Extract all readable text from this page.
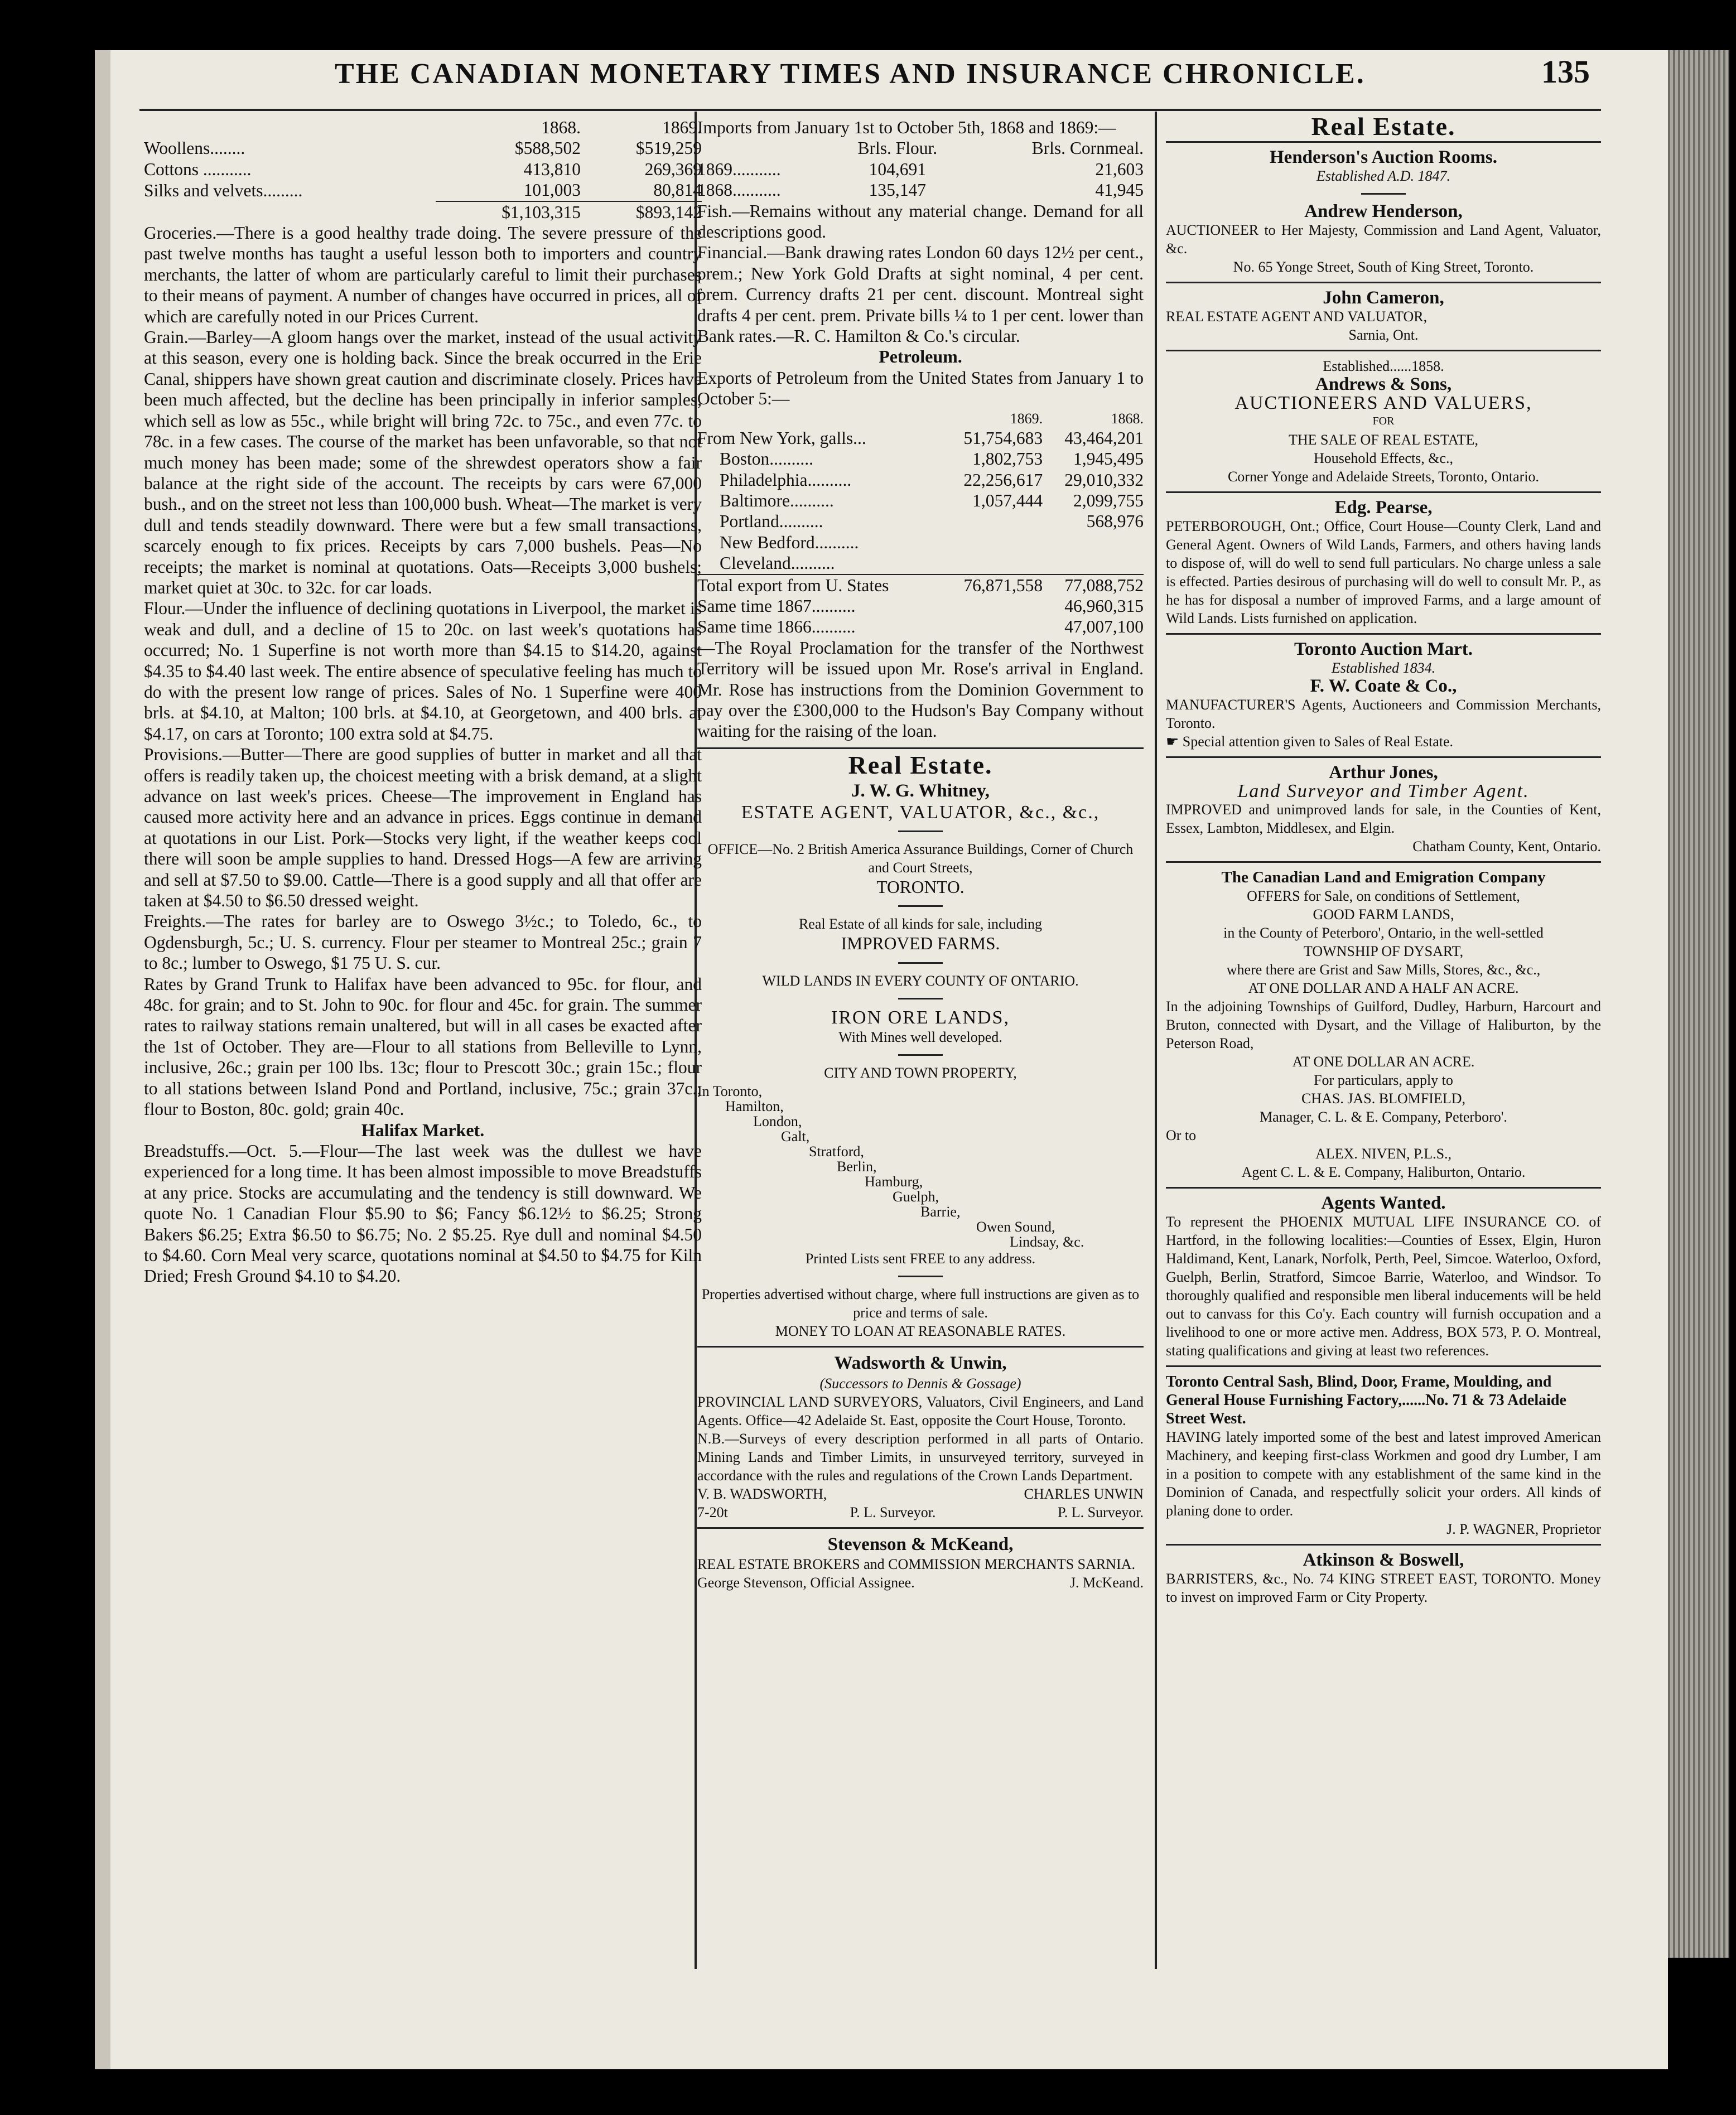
THE CANADIAN MONETARY TIMES AND INSURANCE CHRONICLE.	135
	1868.	1869.
Woollens........	$588,502	$519,259
Cottons ...........	413,810	269,369
Silks and velvets.........	101,003	80,814
	$1,103,315	$893,142

Groceries.—There is a good healthy trade doing. The severe pressure of the past twelve months has taught a useful lesson both to importers and country merchants, the latter of whom are particularly careful to limit their purchases to their means of payment. A number of changes have occurred in prices, all of which are carefully noted in our Prices Current.

Grain.—Barley—A gloom hangs over the market, instead of the usual activity at this season, every one is holding back. Since the break occurred in the Erie Canal, shippers have shown great caution and discriminate closely. Prices have been much affected, but the decline has been principally in inferior samples, which sell as low as 55c., while bright will bring 72c. to 75c., and even 77c. to 78c. in a few cases. The course of the market has been unfavorable, so that not much money has been made; some of the shrewdest operators show a fair balance at the right side of the account. The receipts by cars were 67,000 bush., and on the street not less than 100,000 bush. Wheat—The market is very dull and tends steadily downward. There were but a few small transactions, scarcely enough to fix prices. Receipts by cars 7,000 bushels. Peas—No receipts; the market is nominal at quotations. Oats—Receipts 3,000 bushels; market quiet at 30c. to 32c. for car loads.

Flour.—Under the influence of declining quotations in Liverpool, the market is weak and dull, and a decline of 15 to 20c. on last week's quotations has occurred; No. 1 Superfine is not worth more than $4.15 to $14.20, against $4.35 to $4.40 last week. The entire absence of speculative feeling has much to do with the present low range of prices. Sales of No. 1 Superfine were 400 brls. at $4.10, at Malton; 100 brls. at $4.10, at Georgetown, and 400 brls. at $4.17, on cars at Toronto; 100 extra sold at $4.75.

Provisions.—Butter—There are good supplies of butter in market and all that offers is readily taken up, the choicest meeting with a brisk demand, at a slight advance on last week's prices. Cheese—The improvement in England has caused more activity here and an advance in prices. Eggs continue in demand at quotations in our List. Pork—Stocks very light, if the weather keeps cool there will soon be ample supplies to hand. Dressed Hogs—A few are arriving and sell at $7.50 to $9.00. Cattle—There is a good supply and all that offer are taken at $4.50 to $6.50 dressed weight.

Freights.—The rates for barley are to Oswego 3½c.; to Toledo, 6c., to Ogdensburgh, 5c.; U. S. currency. Flour per steamer to Montreal 25c.; grain 7 to 8c.; lumber to Oswego, $1 75 U. S. cur.

Rates by Grand Trunk to Halifax have been advanced to 95c. for flour, and 48c. for grain; and to St. John to 90c. for flour and 45c. for grain. The summer rates to railway stations remain unaltered, but will in all cases be exacted after the 1st of October. They are—Flour to all stations from Belleville to Lynn, inclusive, 26c.; grain per 100 lbs. 13c; flour to Prescott 30c.; grain 15c.; flour to all stations between Island Pond and Portland, inclusive, 75c.; grain 37c.; flour to Boston, 80c. gold; grain 40c.

Halifax Market.

Breadstuffs.—Oct. 5.—Flour—The last week was the dullest we have experienced for a long time. It has been almost impossible to move Breadstuffs at any price. Stocks are accumulating and the tendency is still downward. We quote No. 1 Canadian Flour $5.90 to $6; Fancy $6.12½ to $6.25; Strong Bakers $6.25; Extra $6.50 to $6.75; No. 2 $5.25. Rye dull and nominal $4.50 to $4.60. Corn Meal very scarce, quotations nominal at $4.50 to $4.75 for Kiln Dried; Fresh Ground $4.10 to $4.20.

Imports from January 1st to October 5th, 1868 and 1869:—

	Brls. Flour.	Brls. Cornmeal.
1869...........	104,691	21,603
1868...........	135,147	41,945

Fish.—Remains without any material change. Demand for all descriptions good.

Financial.—Bank drawing rates London 60 days 12½ per cent., prem.; New York Gold Drafts at sight nominal, 4 per cent. prem. Currency drafts 21 per cent. discount. Montreal sight drafts 4 per cent. prem. Private bills ¼ to 1 per cent. lower than Bank rates.—R. C. Hamilton & Co.'s circular.

Petroleum.

Exports of Petroleum from the United States from January 1 to October 5:—

	1869.	1868.
From New York, galls...	51,754,683	43,464,201
Boston..........	1,802,753	1,945,495
Philadelphia..........	22,256,617	29,010,332
Baltimore..........	1,057,444	2,099,755
Portland..........		568,976
New Bedford..........		
Cleveland..........		
Total export from U. States	76,871,558	77,088,752
Same time 1867..........		46,960,315
Same time 1866..........		47,007,100

—The Royal Proclamation for the transfer of the Northwest Territory will be issued upon Mr. Rose's arrival in England. Mr. Rose has instructions from the Dominion Government to pay over the £300,000 to the Hudson's Bay Company without waiting for the raising of the loan.

Real Estate.
J. W. G. Whitney,
ESTATE AGENT, VALUATOR, &c., &c.,
OFFICE—No. 2 British America Assurance Buildings, Corner of Church and Court Streets,
TORONTO.
Real Estate of all kinds for sale, including
IMPROVED FARMS.
WILD LANDS IN EVERY COUNTY OF ONTARIO.
IRON ORE LANDS,
With Mines well developed.
CITY AND TOWN PROPERTY,
In Toronto,
Hamilton,
London,
Galt,
Stratford,
Berlin,
Hamburg,
Guelph,
Barrie,
Owen Sound,
Lindsay, &c.
Printed Lists sent FREE to any address.
Properties advertised without charge, where full instructions are given as to price and terms of sale.
MONEY TO LOAN AT REASONABLE RATES.
Wadsworth & Unwin,
(Successors to Dennis & Gossage)

PROVINCIAL LAND SURVEYORS, Valuators, Civil Engineers, and Land Agents. Office—42 Adelaide St. East, opposite the Court House, Toronto.

N.B.—Surveys of every description performed in all parts of Ontario. Mining Lands and Timber Limits, in unsurveyed territory, surveyed in accordance with the rules and regulations of the Crown Lands Department.

V. B. WADSWORTH,	CHARLES UNWIN
7-20t	P. L. Surveyor.	P. L. Surveyor.
Stevenson & McKeand,

REAL ESTATE BROKERS and COMMISSION MERCHANTS SARNIA.

George Stevenson, Official Assignee.	J. McKeand.
Real Estate.
Henderson's Auction Rooms.
Established A.D. 1847.
Andrew Henderson,

AUCTIONEER to Her Majesty, Commission and Land Agent, Valuator, &c.

No. 65 Yonge Street, South of King Street, Toronto.
John Cameron,
REAL ESTATE AGENT AND VALUATOR,
Sarnia, Ont.
Established......1858.
Andrews & Sons,
AUCTIONEERS AND VALUERS,
FOR
THE SALE OF REAL ESTATE,
Household Effects, &c.,
Corner Yonge and Adelaide Streets, Toronto, Ontario.
Edg. Pearse,

PETERBOROUGH, Ont.; Office, Court House—County Clerk, Land and General Agent. Owners of Wild Lands, Farmers, and others having lands to dispose of, will do well to send full particulars. No charge unless a sale is effected. Parties desirous of purchasing will do well to consult Mr. P., as he has for disposal a number of improved Farms, and a large amount of Wild Lands. Lists furnished on application.

Toronto Auction Mart.
Established 1834.
F. W. Coate & Co.,

MANUFACTURER'S Agents, Auctioneers and Commission Merchants, Toronto.

☛ Special attention given to Sales of Real Estate.
Arthur Jones,
Land Surveyor and Timber Agent.

IMPROVED and unimproved lands for sale, in the Counties of Kent, Essex, Lambton, Middlesex, and Elgin.

Chatham County, Kent, Ontario.
The Canadian Land and Emigration Company
OFFERS for Sale, on conditions of Settlement,
GOOD FARM LANDS,
in the County of Peterboro', Ontario, in the well-settled
TOWNSHIP OF DYSART,
where there are Grist and Saw Mills, Stores, &c., &c.,
AT ONE DOLLAR AND A HALF AN ACRE.

In the adjoining Townships of Guilford, Dudley, Harburn, Harcourt and Bruton, connected with Dysart, and the Village of Haliburton, by the Peterson Road,

AT ONE DOLLAR AN ACRE.
For particulars, apply to
CHAS. JAS. BLOMFIELD,
Manager, C. L. & E. Company, Peterboro'.
Or to
ALEX. NIVEN, P.L.S.,
Agent C. L. & E. Company, Haliburton, Ontario.
Agents Wanted.

To represent the PHOENIX MUTUAL LIFE INSURANCE CO. of Hartford, in the following localities:—Counties of Essex, Elgin, Huron Haldimand, Kent, Lanark, Norfolk, Perth, Peel, Simcoe. Waterloo, Oxford, Guelph, Berlin, Stratford, Simcoe Barrie, Waterloo, and Windsor. To thoroughly qualified and responsible men liberal inducements will be held out to canvass for this Co'y. Each country will furnish occupation and a livelihood to one or more active men. Address, BOX 573, P. O. Montreal, stating qualifications and giving at least two references.

Toronto Central Sash, Blind, Door, Frame, Moulding, and General House Furnishing Factory,......No. 71 & 73 Adelaide Street West.

HAVING lately imported some of the best and latest improved American Machinery, and keeping first-class Workmen and good dry Lumber, I am in a position to compete with any establishment of the same kind in the Dominion of Canada, and respectfully solicit your orders. All kinds of planing done to order.

J. P. WAGNER, Proprietor
Atkinson & Boswell,

BARRISTERS, &c., No. 74 KING STREET EAST, TORONTO. Money to invest on improved Farm or City Property.
